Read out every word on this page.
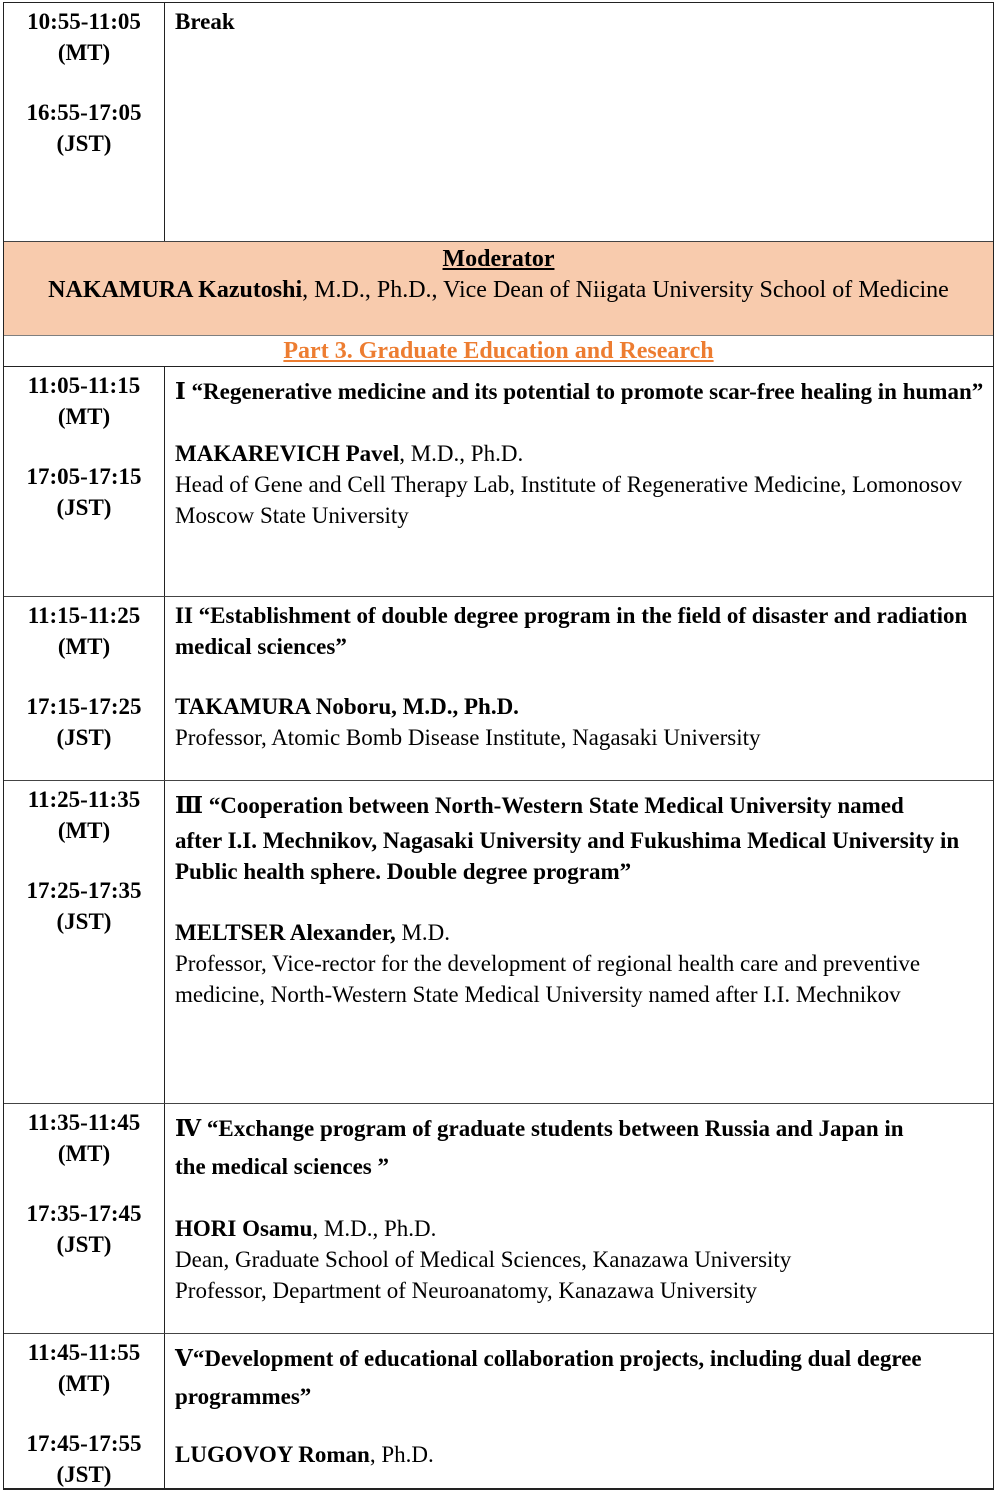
10:55-11:05
(MT)
16:55-17:05
(JST)
Break
Moderator
NAKAMURA Kazutoshi, M.D., Ph.D., Vice Dean of Niigata University School of Medicine
Part 3. Graduate Education and Research
11:05-11:15
(MT)
17:05-17:15
(JST)
Ⅰ “Regenerative medicine and its potential to promote scar-free healing in human”
MAKAREVICH Pavel, M.D., Ph.D.
Head of Gene and Cell Therapy Lab, Institute of Regenerative Medicine, Lomonosov Moscow State University
11:15-11:25
(MT)
17:15-17:25
(JST)
II “Establishment of double degree program in the field of disaster and radiation medical sciences”
TAKAMURA Noboru, M.D., Ph.D.
Professor, Atomic Bomb Disease Institute, Nagasaki University
11:25-11:35
(MT)
17:25-17:35
(JST)
Ⅲ “Cooperation between North-Western State Medical University named
after I.I. Mechnikov, Nagasaki University and Fukushima Medical University in Public health sphere. Double degree program”
MELTSER Alexander, M.D.
Professor, Vice-rector for the development of regional health care and preventive medicine, North-Western State Medical University named after I.I. Mechnikov
11:35-11:45
(MT)
17:35-17:45
(JST)
Ⅳ “Exchange program of graduate students between Russia and Japan in the medical sciences ”
HORI Osamu, M.D., Ph.D.
Dean, Graduate School of Medical Sciences, Kanazawa University
Professor, Department of Neuroanatomy, Kanazawa University
11:45-11:55
(MT)
17:45-17:55
(JST)
Ⅴ“Development of educational collaboration projects, including dual degree programmes”
LUGOVOY Roman, Ph.D.
